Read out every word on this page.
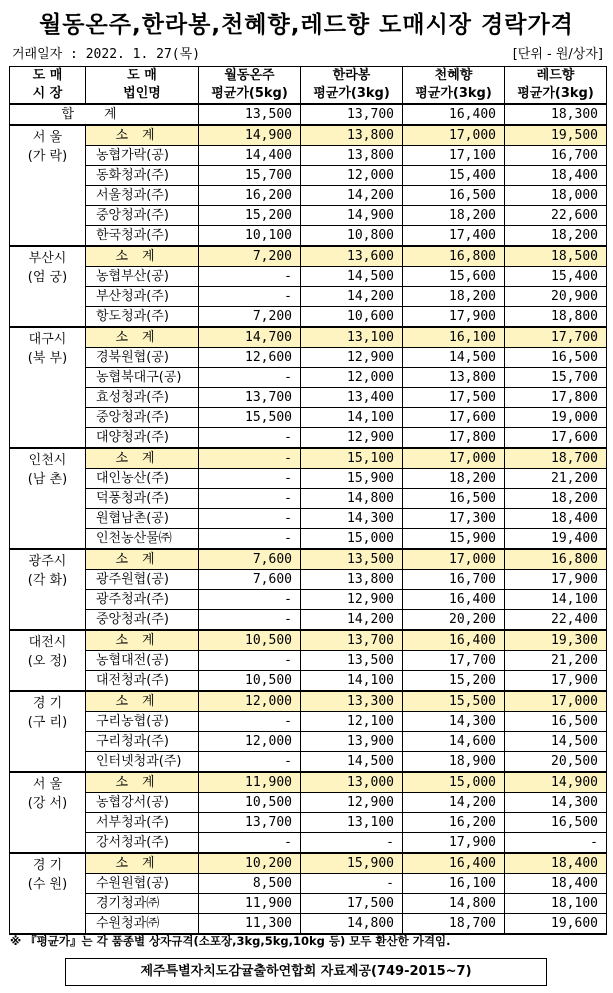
월동온주,한라봉,천혜향,레드향 도매시장 경락가격
거래일자 : 2022. 1. 27(목)	[단위 - 원/상자]
도 매	도 매	월동온주	한라봉	천혜향	레드향
시 장	법인명	평균가(5kg)	평균가(3kg)	평균가(3kg)	평균가(3kg)
합계		13,500	13,700	16,400	18,300

서 울
(가 락)	소계	14,900	13,800	17,000	19,500
	농협가락(공)	14,400	13,800	17,100	16,700
	동화청과(주)	15,700	12,000	15,400	18,400
	서울청과(주)	16,200	14,200	16,500	18,000
	중앙청과(주)	15,200	14,900	18,200	22,600
	한국청과(주)	10,100	10,800	17,400	18,200

부산시
(엄 궁)	소계	7,200	13,600	16,800	18,500
	농협부산(공)	-	14,500	15,600	15,400
	부산청과(주)	-	14,200	18,200	20,900
	항도청과(주)	7,200	10,600	17,900	18,800

대구시
(북 부)	소계	14,700	13,100	16,100	17,700
	경북원협(공)	12,600	12,900	14,500	16,500
	농협북대구(공)	-	12,000	13,800	15,700
	효성청과(주)	13,700	13,400	17,500	17,800
	중앙청과(주)	15,500	14,100	17,600	19,000
	대양청과(주)	-	12,900	17,800	17,600

인천시
(남 촌)	소계	-	15,100	17,000	18,700
	대인농산(주)	-	15,900	18,200	21,200
	덕풍청과(주)	-	14,800	16,500	18,200
	원협남촌(공)	-	14,300	17,300	18,400
	인천농산물㈜	-	15,000	15,900	19,400

광주시
(각 화)	소계	7,600	13,500	17,000	16,800
	광주원협(공)	7,600	13,800	16,700	17,900
	광주청과(주)	-	12,900	16,400	14,100
	중앙청과(주)	-	14,200	20,200	22,400

대전시
(오 정)	소계	10,500	13,700	16,400	19,300
	농협대전(공)	-	13,500	17,700	21,200
	대전청과(주)	10,500	14,100	15,200	17,900

경 기
(구 리)	소계	12,000	13,300	15,500	17,000
	구리농협(공)	-	12,100	14,300	16,500
	구리청과(주)	12,000	13,900	14,600	14,500
	인터넷청과(주)	-	14,500	18,900	20,500

서 울
(강 서)	소계	11,900	13,000	15,000	14,900
	농협강서(공)	10,500	12,900	14,200	14,300
	서부청과(주)	13,700	13,100	16,200	16,500
	강서청과(주)	-	-	17,900	-

경 기
(수 원)	소계	10,200	15,900	16,400	18,400
	수원원협(공)	8,500	-	16,100	18,400
	경기청과㈜	11,900	17,500	14,800	18,100
	수원청과㈜	11,300	14,800	18,700	19,600
※ 『평균가』는 각 품종별 상자규격(소포장,3kg,5kg,10kg 등) 모두 환산한 가격임.
제주특별자치도감귤출하연합회 자료제공(749-2015~7)
